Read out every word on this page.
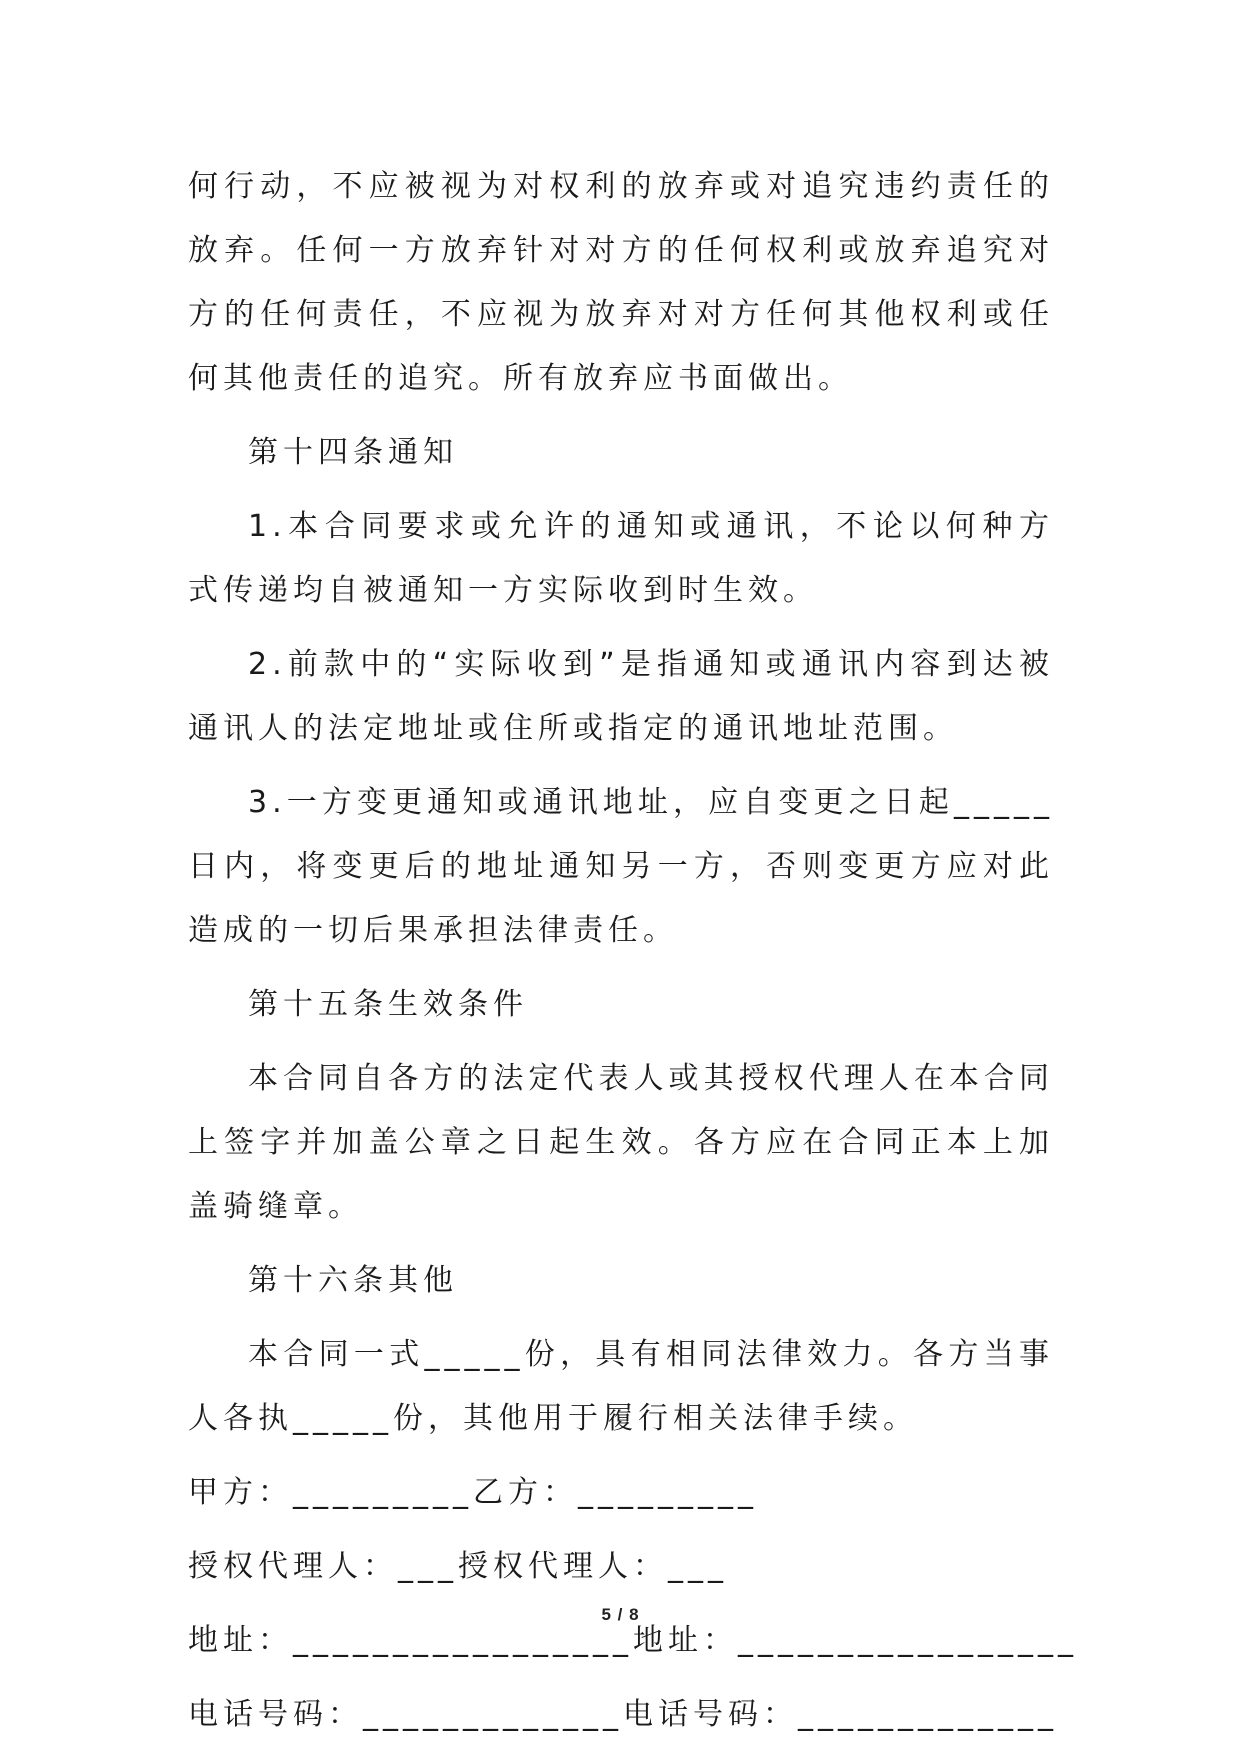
何行动，不应被视为对权利的放弃或对追究违约责任的放弃。任何一方放弃针对对方的任何权利或放弃追究对方的任何责任，不应视为放弃对对方任何其他权利或任何其他责任的追究。所有放弃应书面做出。

第十四条通知

1.本合同要求或允许的通知或通讯，不论以何种方式传递均自被通知一方实际收到时生效。

2.前款中的“实际收到”是指通知或通讯内容到达被通讯人的法定地址或住所或指定的通讯地址范围。

3.一方变更通知或通讯地址，应自变更之日起_____日内，将变更后的地址通知另一方，否则变更方应对此造成的一切后果承担法律责任。

第十五条生效条件

本合同自各方的法定代表人或其授权代理人在本合同上签字并加盖公章之日起生效。各方应在合同正本上加盖骑缝章。

第十六条其他

本合同一式_____份，具有相同法律效力。各方当事人各执_____份，其他用于履行相关法律手续。

甲方：_________乙方：_________

授权代理人：___授权代理人：___

地址：_________________地址：_________________

电话号码：_____________电话号码：_____________

5 / 8
